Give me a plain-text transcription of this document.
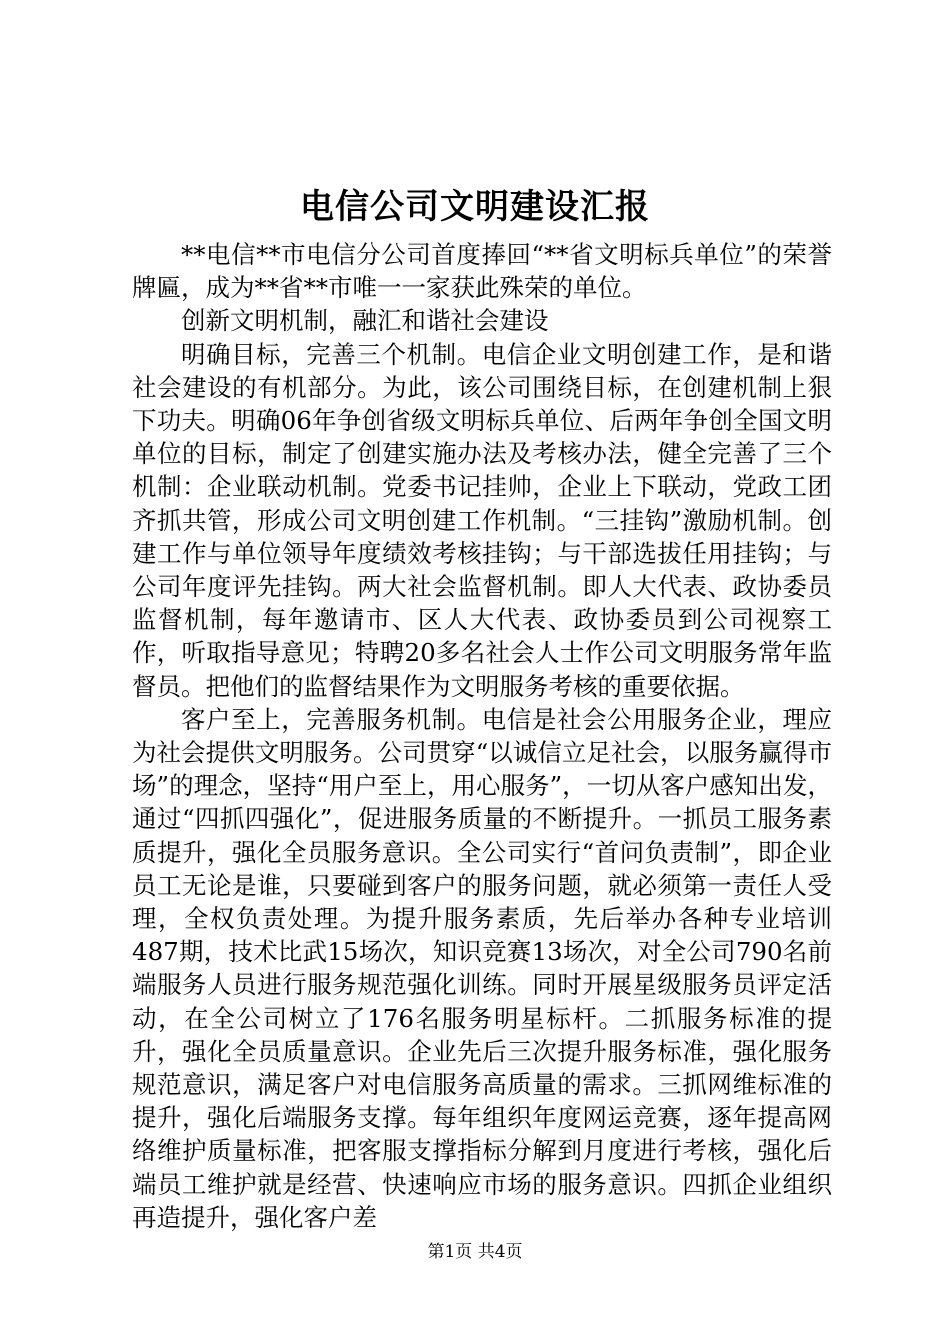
电信公司文明建设汇报

**电信**市电信分公司首度捧回“**省文明标兵单位”的荣誉牌匾，成为**省**市唯一一家获此殊荣的单位。

创新文明机制，融汇和谐社会建设

明确目标，完善三个机制。电信企业文明创建工作，是和谐社会建设的有机部分。为此，该公司围绕目标，在创建机制上狠下功夫。明确06年争创省级文明标兵单位、后两年争创全国文明单位的目标，制定了创建实施办法及考核办法，健全完善了三个机制：企业联动机制。党委书记挂帅，企业上下联动，党政工团齐抓共管，形成公司文明创建工作机制。“三挂钩”激励机制。创建工作与单位领导年度绩效考核挂钩；与干部选拔任用挂钩；与公司年度评先挂钩。两大社会监督机制。即人大代表、政协委员监督机制，每年邀请市、区人大代表、政协委员到公司视察工作，听取指导意见；特聘20多名社会人士作公司文明服务常年监督员。把他们的监督结果作为文明服务考核的重要依据。

客户至上，完善服务机制。电信是社会公用服务企业，理应为社会提供文明服务。公司贯穿“以诚信立足社会，以服务赢得市场”的理念，坚持“用户至上，用心服务”，一切从客户感知出发，通过“四抓四强化”，促进服务质量的不断提升。一抓员工服务素质提升，强化全员服务意识。全公司实行“首问负责制”，即企业员工无论是谁，只要碰到客户的服务问题，就必须第一责任人受理，全权负责处理。为提升服务素质，先后举办各种专业培训487期，技术比武15场次，知识竞赛13场次，对全公司790名前端服务人员进行服务规范强化训练。同时开展星级服务员评定活动，在全公司树立了176名服务明星标杆。二抓服务标准的提升，强化全员质量意识。企业先后三次提升服务标准，强化服务规范意识，满足客户对电信服务高质量的需求。三抓网维标准的提升，强化后端服务支撑。每年组织年度网运竞赛，逐年提高网络维护质量标准，把客服支撑指标分解到月度进行考核，强化后端员工维护就是经营、快速响应市场的服务意识。四抓企业组织再造提升，强化客户差

第1页 共4页
